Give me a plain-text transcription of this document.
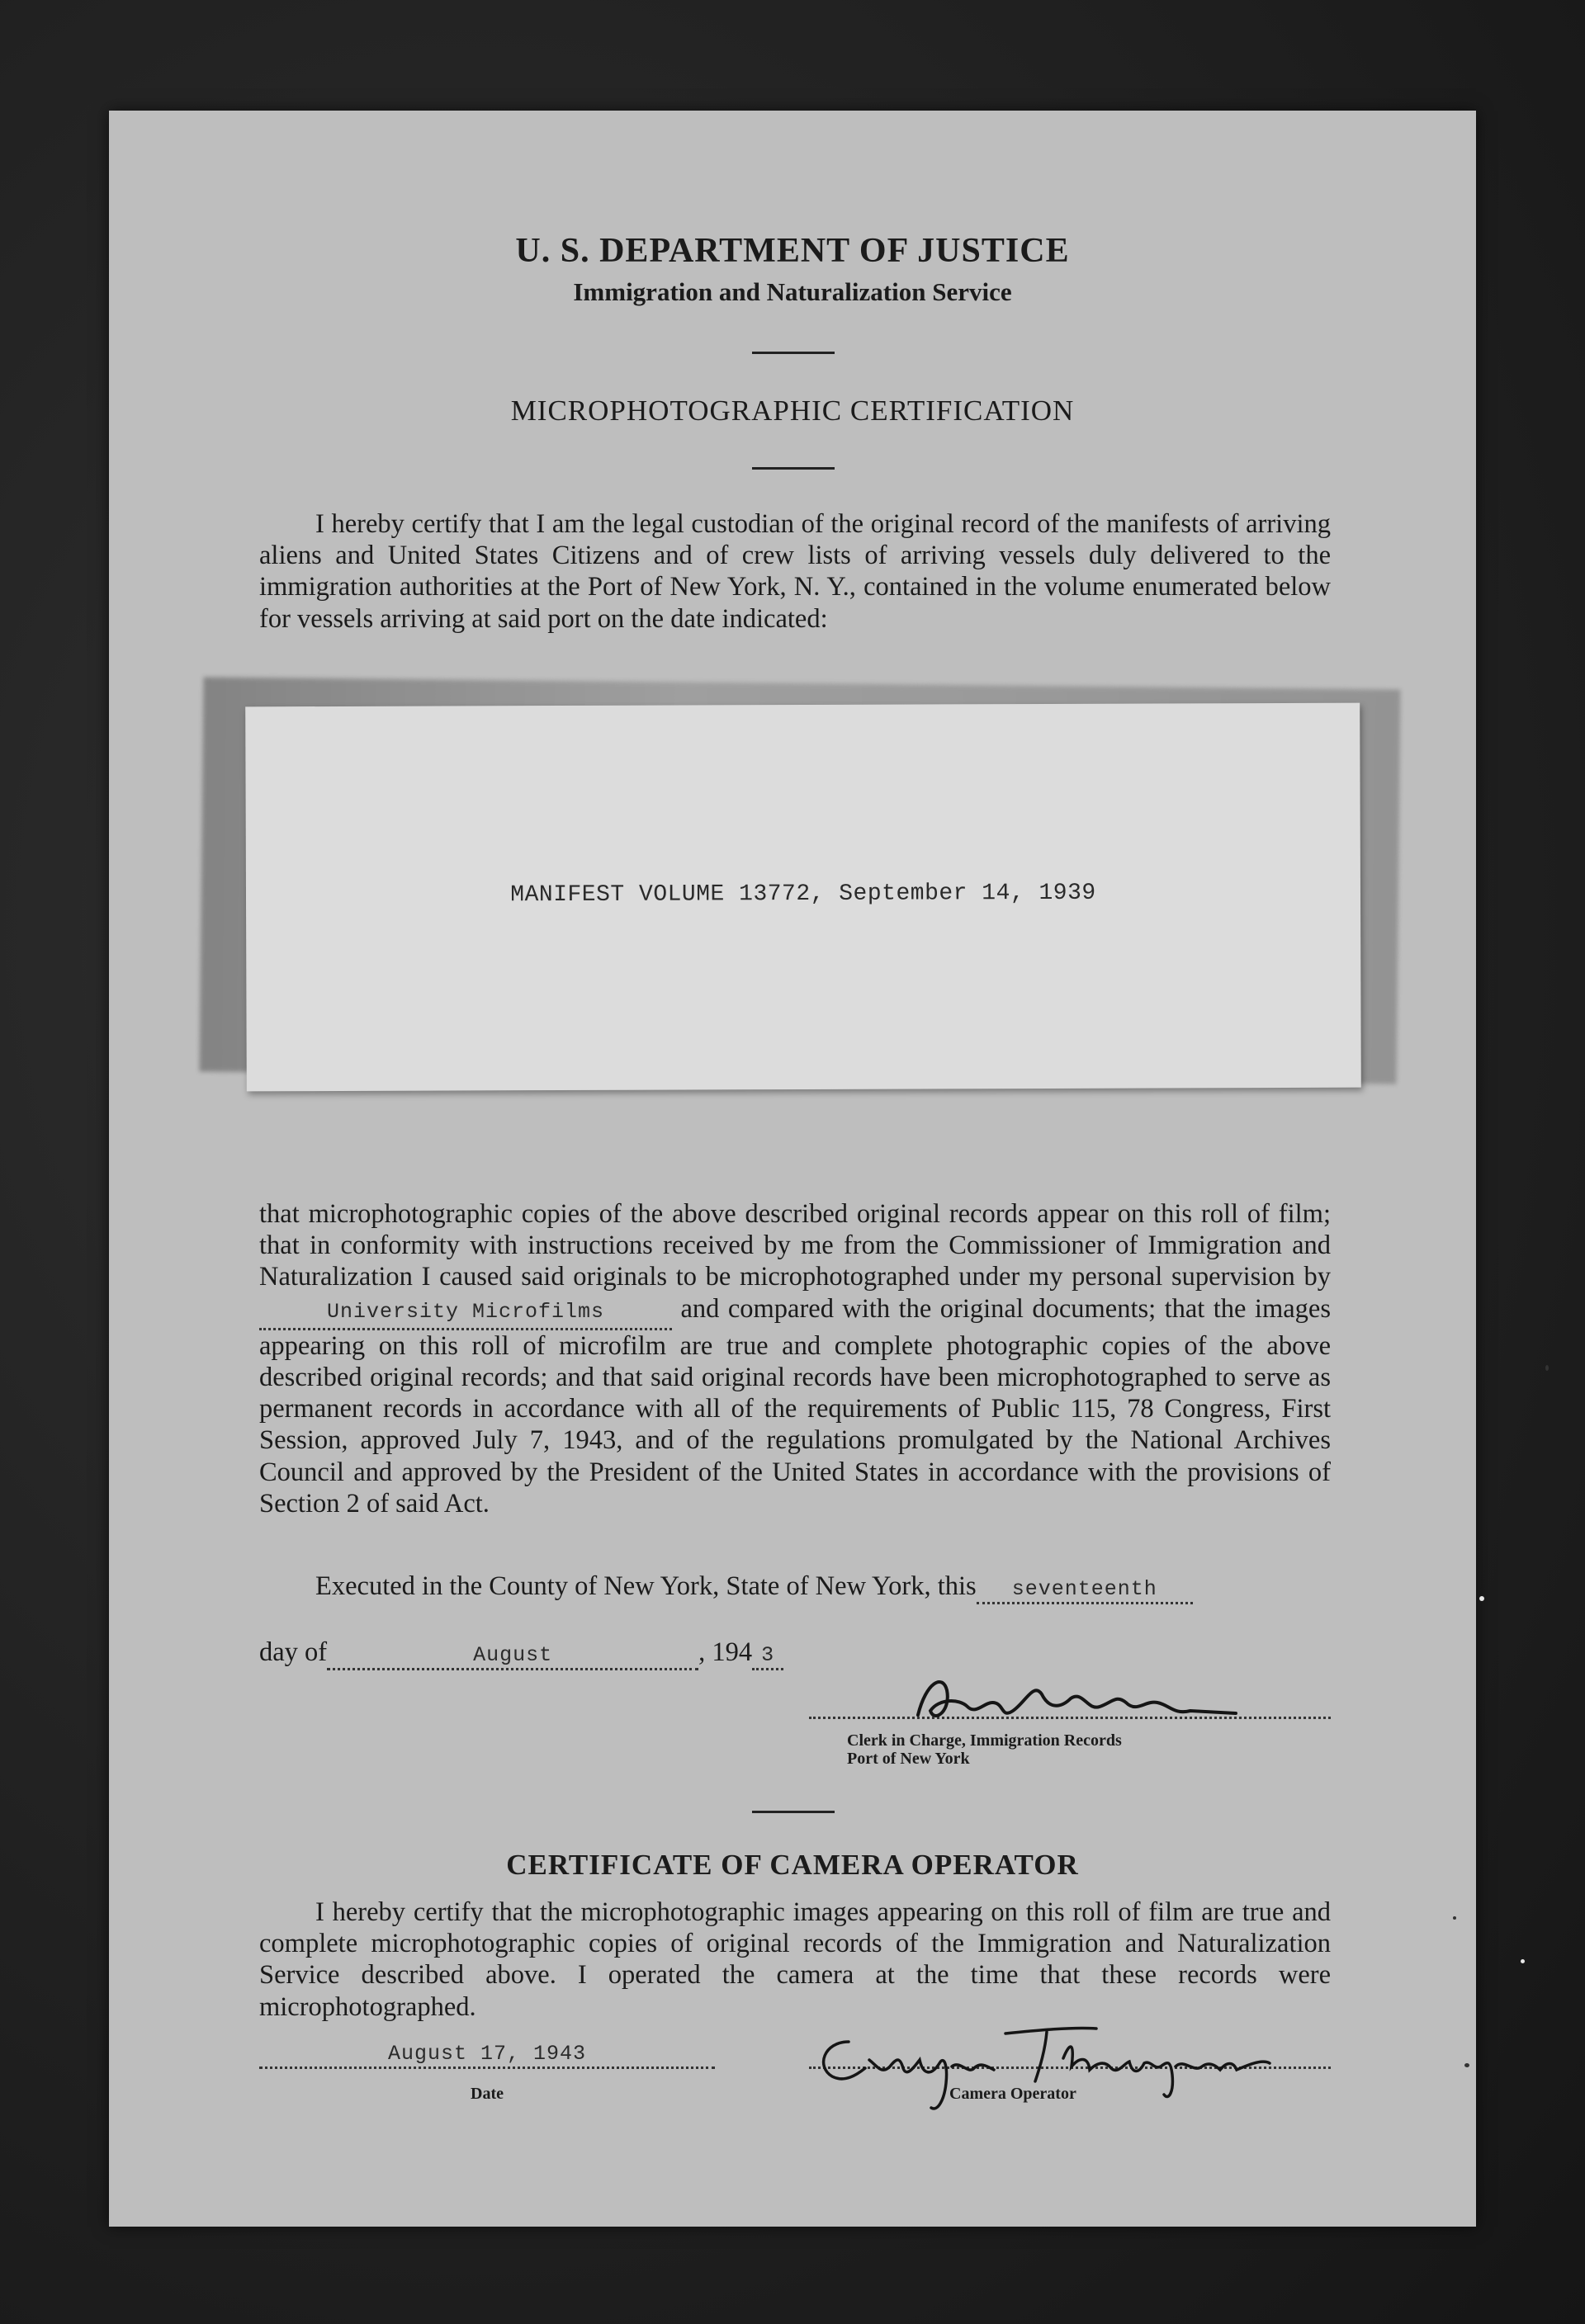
U. S. DEPARTMENT OF JUSTICE
Immigration and Naturalization Service
MICROPHOTOGRAPHIC CERTIFICATION

I hereby certify that I am the legal custodian of the original record of the manifests of arriving aliens and United States Citizens and of crew lists of arriving vessels duly delivered to the immigration authorities at the Port of New York, N. Y., contained in the volume enumerated below for vessels arriving at said port on the date indicated:

MANIFEST VOLUME 13772, September 14, 1939

that microphotographic copies of the above described original records appear on this roll of film; that in conformity with instructions received by me from the Commissioner of Immigration and Naturalization I caused said originals to be microphotographed under my personal supervision by University Microfilms	and compared with the original documents; that the images appearing on this roll of microfilm are true and complete photographic copies of the above described original records; and that said original records have been microphotographed to serve as permanent records in accordance with all of the requirements of Public 115, 78 Congress, First Session, approved July 7, 1943, and of the regulations promulgated by the National Archives Council and approved by the President of the United States in accordance with the provisions of Section 2 of said Act.

Executed in the County of New York, State of New York, this seventeenth
day of	August	, 194 3
Clerk in Charge, Immigration Records
Port of New York
CERTIFICATE OF CAMERA OPERATOR

I hereby certify that the microphotographic images appearing on this roll of film are true and complete microphotographic copies of original records of the Immigration and Naturalization Service described above. I operated the camera at the time that these records were microphotographed.

August 17, 1943
Date	Camera Operator
